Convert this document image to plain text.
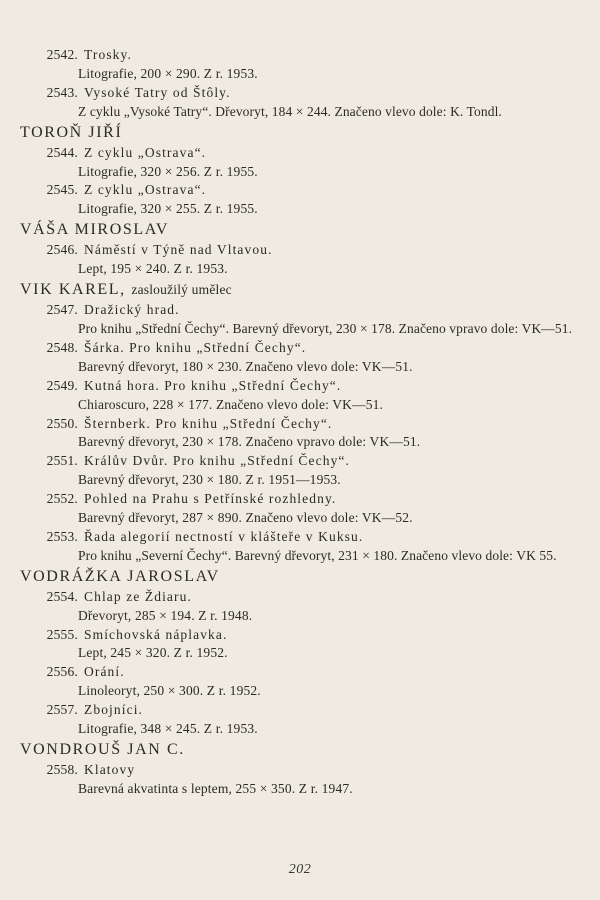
2542. Trosky.
Litografie, 200 × 290. Z r. 1953.
2543. Vysoké Tatry od Štôly.
Z cyklu „Vysoké Tatry“. Dřevoryt, 184 × 244. Značeno vlevo dole: K. Tondl.
TOROŇ JIŘÍ
2544. Z cyklu „Ostrava“.
Litografie, 320 × 256. Z r. 1955.
2545. Z cyklu „Ostrava“.
Litografie, 320 × 255. Z r. 1955.
VÁŠA MIROSLAV
2546. Náměstí v Týně nad Vltavou.
Lept, 195 × 240. Z r. 1953.
VIK KAREL, zasloužilý umělec
2547. Dražický hrad.
Pro knihu „Střední Čechy“. Barevný dřevoryt, 230 × 178. Značeno vpravo dole: VK—51.
2548. Šárka. Pro knihu „Střední Čechy“.
Barevný dřevoryt, 180 × 230. Značeno vlevo dole: VK—51.
2549. Kutná hora. Pro knihu „Střední Čechy“.
Chiaroscuro, 228 × 177. Značeno vlevo dole: VK—51.
2550. Šternberk. Pro knihu „Střední Čechy“.
Barevný dřevoryt, 230 × 178. Značeno vpravo dole: VK—51.
2551. Králův Dvůr. Pro knihu „Střední Čechy“.
Barevný dřevoryt, 230 × 180. Z r. 1951—1953.
2552. Pohled na Prahu s Petřínské rozhledny.
Barevný dřevoryt, 287 × 890. Značeno vlevo dole: VK—52.
2553. Řada alegorií nectností v klášteře v Kuksu.
Pro knihu „Severní Čechy“. Barevný dřevoryt, 231 × 180. Značeno vlevo dole: VK 55.
VODRÁŽKA JAROSLAV
2554. Chlap ze Ždiaru.
Dřevoryt, 285 × 194. Z r. 1948.
2555. Smíchovská náplavka.
Lept, 245 × 320. Z r. 1952.
2556. Orání.
Linoleoryt, 250 × 300. Z r. 1952.
2557. Zbojníci.
Litografie, 348 × 245. Z r. 1953.
VONDROUŠ JAN C.
2558. Klatovy
Barevná akvatinta s leptem, 255 × 350. Z r. 1947.
202
